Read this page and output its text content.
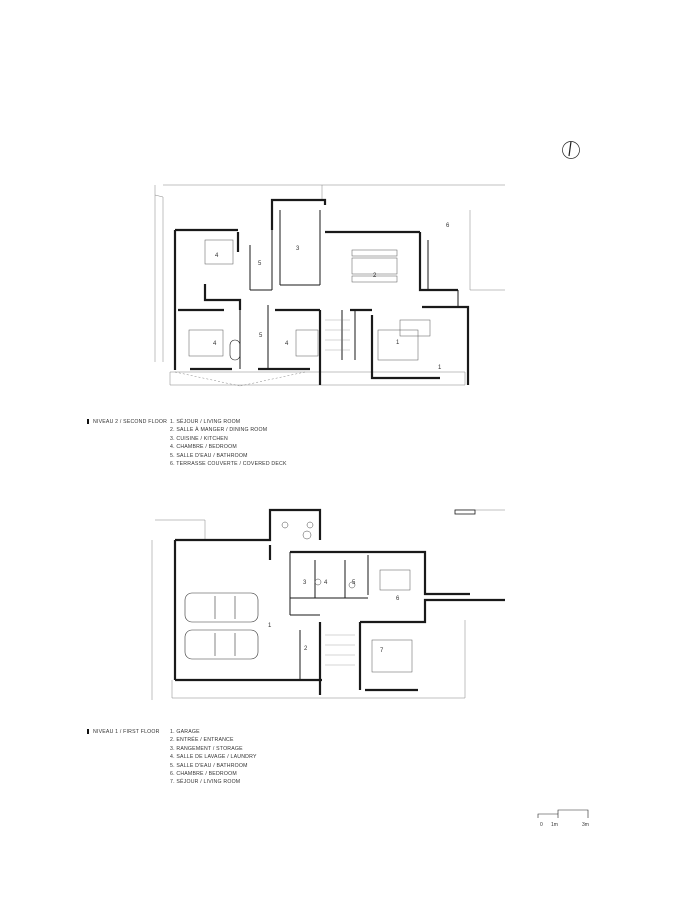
4
5
3
2
6
4
5
4	1
1
1
2
3	4	5
6
7
0 1m	3m
NIVEAU 2 / SECOND FLOOR 1. SÉJOUR / LIVING ROOM
2. SALLE À MANGER / DINING ROOM
3. CUISINE / KITCHEN
4. CHAMBRE / BEDROOM
5. SALLE D'EAU / BATHROOM
6. TERRASSE COUVERTE / COVERED DECK
NIVEAU 1 / FIRST FLOOR 1. GARAGE
2. ENTRÉE / ENTRANCE
3. RANGEMENT / STORAGE
4. SALLE DE LAVAGE / LAUNDRY
5. SALLE D'EAU / BATHROOM
6. CHAMBRE / BEDROOM
7. SÉJOUR / LIVING ROOM
